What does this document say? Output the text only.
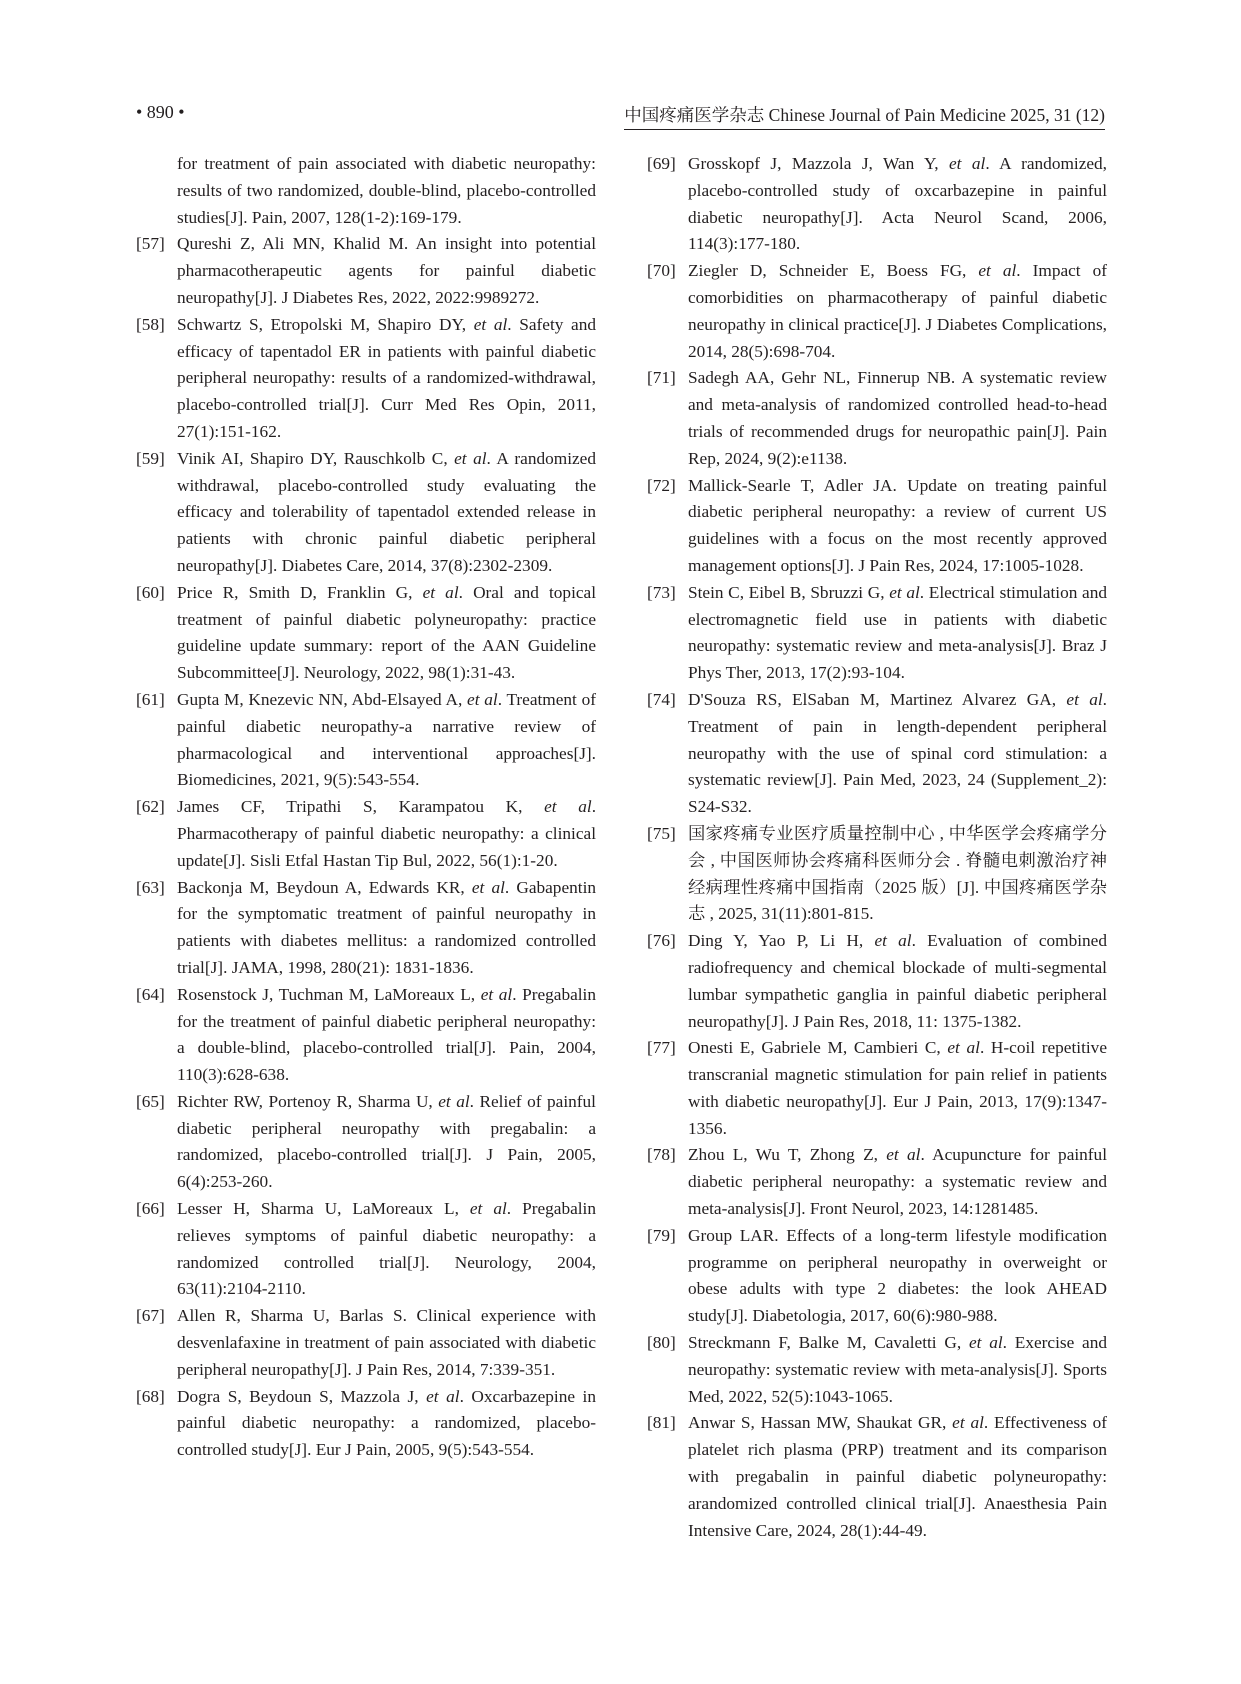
• 890 •	中国疼痛医学杂志 Chinese Journal of Pain Medicine 2025, 31 (12)
for treatment of pain associated with diabetic neuropathy: results of two randomized, double-blind, placebo-controlled studies[J]. Pain, 2007, 128(1-2):169-179.
[57] Qureshi Z, Ali MN, Khalid M. An insight into potential pharmacotherapeutic agents for painful diabetic neuropathy[J]. J Diabetes Res, 2022, 2022:9989272.
[58] Schwartz S, Etropolski M, Shapiro DY, et al. Safety and efficacy of tapentadol ER in patients with painful diabetic peripheral neuropathy: results of a randomized-withdrawal, placebo-controlled trial[J]. Curr Med Res Opin, 2011, 27(1):151-162.
[59] Vinik AI, Shapiro DY, Rauschkolb C, et al. A randomized withdrawal, placebo-controlled study evaluating the efficacy and tolerability of tapentadol extended release in patients with chronic painful diabetic peripheral neuropathy[J]. Diabetes Care, 2014, 37(8):2302-2309.
[60] Price R, Smith D, Franklin G, et al. Oral and topical treatment of painful diabetic polyneuropathy: practice guideline update summary: report of the AAN Guideline Subcommittee[J]. Neurology, 2022, 98(1):31-43.
[61] Gupta M, Knezevic NN, Abd-Elsayed A, et al. Treatment of painful diabetic neuropathy-a narrative review of pharmacological and interventional approaches[J]. Biomedicines, 2021, 9(5):543-554.
[62] James CF, Tripathi S, Karampatou K, et al. Pharmacotherapy of painful diabetic neuropathy: a clinical update[J]. Sisli Etfal Hastan Tip Bul, 2022, 56(1):1-20.
[63] Backonja M, Beydoun A, Edwards KR, et al. Gabapentin for the symptomatic treatment of painful neuropathy in patients with diabetes mellitus: a randomized controlled trial[J]. JAMA, 1998, 280(21): 1831-1836.
[64] Rosenstock J, Tuchman M, LaMoreaux L, et al. Pregabalin for the treatment of painful diabetic peripheral neuropathy: a double-blind, placebo-controlled trial[J]. Pain, 2004, 110(3):628-638.
[65] Richter RW, Portenoy R, Sharma U, et al. Relief of painful diabetic peripheral neuropathy with pregabalin: a randomized, placebo-controlled trial[J]. J Pain, 2005, 6(4):253-260.
[66] Lesser H, Sharma U, LaMoreaux L, et al. Pregabalin relieves symptoms of painful diabetic neuropathy: a randomized controlled trial[J]. Neurology, 2004, 63(11):2104-2110.
[67] Allen R, Sharma U, Barlas S. Clinical experience with desvenlafaxine in treatment of pain associated with diabetic peripheral neuropathy[J]. J Pain Res, 2014, 7:339-351.
[68] Dogra S, Beydoun S, Mazzola J, et al. Oxcarbazepine in painful diabetic neuropathy: a randomized, placebo-controlled study[J]. Eur J Pain, 2005, 9(5):543-554.
[69] Grosskopf J, Mazzola J, Wan Y, et al. A randomized, placebo-controlled study of oxcarbazepine in painful diabetic neuropathy[J]. Acta Neurol Scand, 2006, 114(3):177-180.
[70] Ziegler D, Schneider E, Boess FG, et al. Impact of comorbidities on pharmacotherapy of painful diabetic neuropathy in clinical practice[J]. J Diabetes Complications, 2014, 28(5):698-704.
[71] Sadegh AA, Gehr NL, Finnerup NB. A systematic review and meta-analysis of randomized controlled head-to-head trials of recommended drugs for neuropathic pain[J]. Pain Rep, 2024, 9(2):e1138.
[72] Mallick-Searle T, Adler JA. Update on treating painful diabetic peripheral neuropathy: a review of current US guidelines with a focus on the most recently approved management options[J]. J Pain Res, 2024, 17:1005-1028.
[73] Stein C, Eibel B, Sbruzzi G, et al. Electrical stimulation and electromagnetic field use in patients with diabetic neuropathy: systematic review and meta-analysis[J]. Braz J Phys Ther, 2013, 17(2):93-104.
[74] D'Souza RS, ElSaban M, Martinez Alvarez GA, et al. Treatment of pain in length-dependent peripheral neuropathy with the use of spinal cord stimulation: a systematic review[J]. Pain Med, 2023, 24 (Supplement_2): S24-S32.
[75] 国家疼痛专业医疗质量控制中心 , 中华医学会疼痛学分会 , 中国医师协会疼痛科医师分会 . 脊髓电刺激治疗神经病理性疼痛中国指南（2025 版）[J]. 中国疼痛医学杂志 , 2025, 31(11):801-815.
[76] Ding Y, Yao P, Li H, et al. Evaluation of combined radiofrequency and chemical blockade of multi-segmental lumbar sympathetic ganglia in painful diabetic peripheral neuropathy[J]. J Pain Res, 2018, 11: 1375-1382.
[77] Onesti E, Gabriele M, Cambieri C, et al. H-coil repetitive transcranial magnetic stimulation for pain relief in patients with diabetic neuropathy[J]. Eur J Pain, 2013, 17(9):1347-1356.
[78] Zhou L, Wu T, Zhong Z, et al. Acupuncture for painful diabetic peripheral neuropathy: a systematic review and meta-analysis[J]. Front Neurol, 2023, 14:1281485.
[79] Group LAR. Effects of a long-term lifestyle modification programme on peripheral neuropathy in overweight or obese adults with type 2 diabetes: the look AHEAD study[J]. Diabetologia, 2017, 60(6):980-988.
[80] Streckmann F, Balke M, Cavaletti G, et al. Exercise and neuropathy: systematic review with meta-analysis[J]. Sports Med, 2022, 52(5):1043-1065.
[81] Anwar S, Hassan MW, Shaukat GR, et al. Effectiveness of platelet rich plasma (PRP) treatment and its comparison with pregabalin in painful diabetic polyneuropathy: arandomized controlled clinical trial[J]. Anaesthesia Pain Intensive Care, 2024, 28(1):44-49.
